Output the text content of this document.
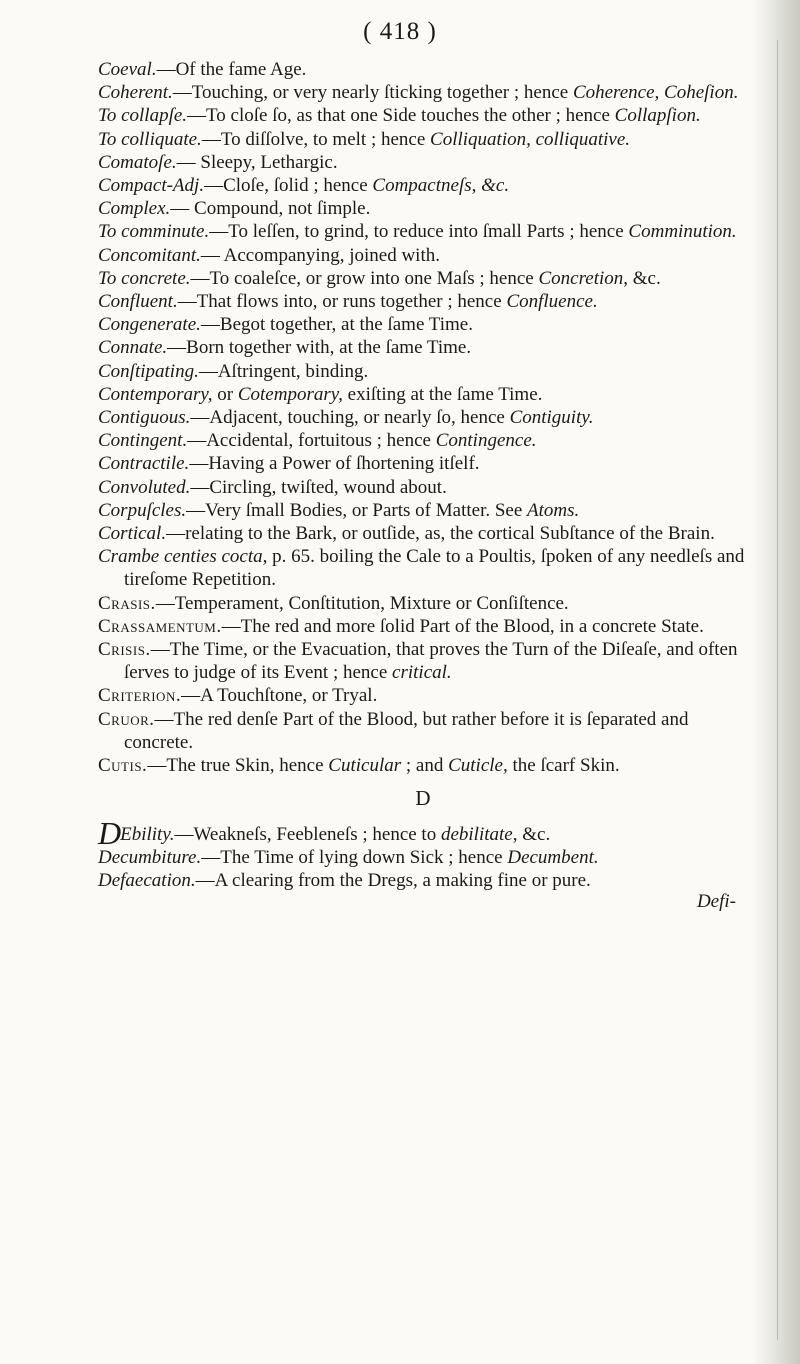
( 418 )

Coeval.—Of the fame Age.

Coherent.—Touching, or very nearly ſticking together ; hence Coherence, Coheſion.

To collapſe.—To cloſe ſo, as that one Side touches the other ; hence Collapſion.

To colliquate.—To diſſolve, to melt ; hence Colliquation, colliquative.

Comatoſe.— Sleepy, Lethargic.

Compact-Adj.—Cloſe, ſolid ; hence Compactneſs, &c.

Complex.— Compound, not ſimple.

To comminute.—To leſſen, to grind, to reduce into ſmall Parts ; hence Comminution.

Concomitant.— Accompanying, joined with.

To concrete.—To coaleſce, or grow into one Maſs ; hence Concretion, &c.

Confluent.—That flows into, or runs together ; hence Confluence.

Congenerate.—Begot together, at the ſame Time.

Connate.—Born together with, at the ſame Time.

Conſtipating.—Aſtringent, binding.

Contemporary, or Cotemporary, exiſting at the ſame Time.

Contiguous.—Adjacent, touching, or nearly ſo, hence Contiguity.

Contingent.—Accidental, fortuitous ; hence Contingence.

Contractile.—Having a Power of ſhortening itſelf.

Convoluted.—Circling, twiſted, wound about.

Corpuſcles.—Very ſmall Bodies, or Parts of Matter. See Atoms.

Cortical.—relating to the Bark, or outſide, as, the cortical Subſtance of the Brain.

Crambe centies cocta, p. 65. boiling the Cale to a Poultis, ſpoken of any needleſs and tireſome Repetition.

Crasis.—Temperament, Conſtitution, Mixture or Conſiſtence.

Crassamentum.—The red and more ſolid Part of the Blood, in a concrete State.

Crisis.—The Time, or the Evacuation, that proves the Turn of the Diſeaſe, and often ſerves to judge of its Event ; hence critical.

Criterion.—A Touchſtone, or Tryal.

Cruor.—The red denſe Part of the Blood, but rather before it is ſeparated and concrete.

Cutis.—The true Skin, hence Cuticular ; and Cuticle, the ſcarf Skin.

D

DEbility.—Weakneſs, Feebleneſs ; hence to debilitate, &c.

Decumbiture.—The Time of lying down Sick ; hence Decumbent.

Defaecation.—A clearing from the Dregs, a making fine or pure.

Defi-
